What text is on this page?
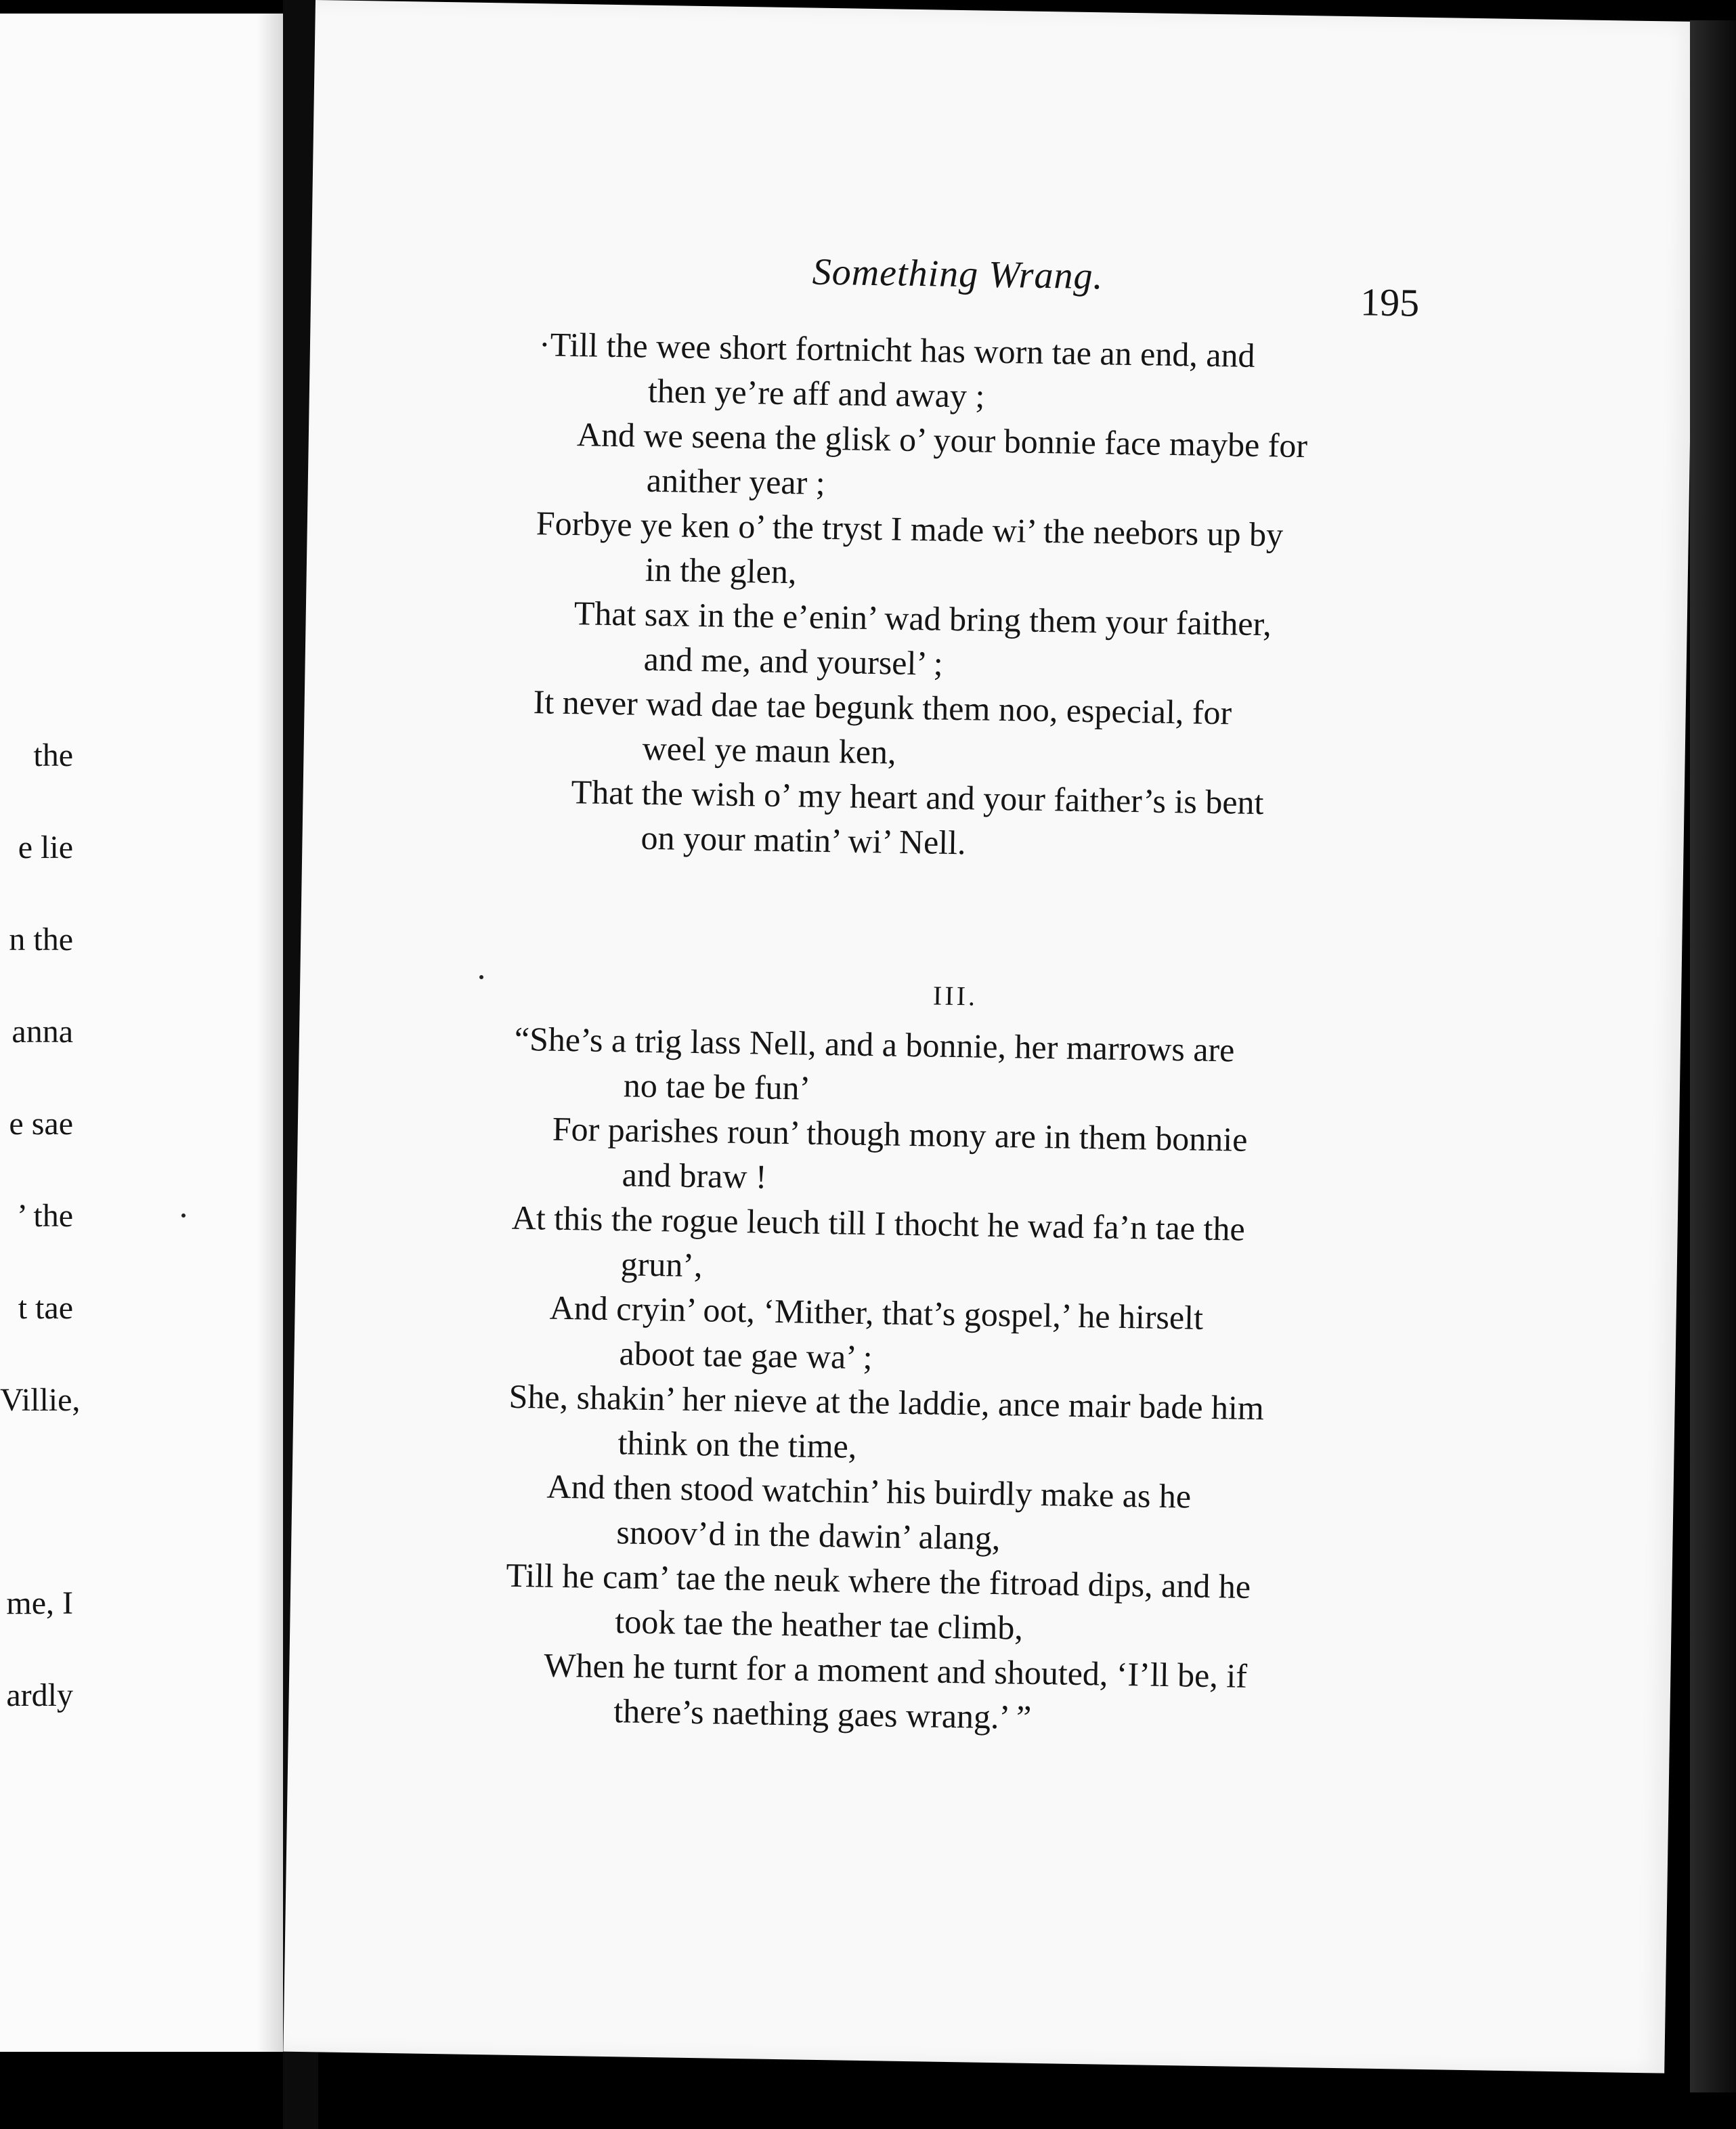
the
e lie
n the
anna
e sae
’ the
t tae
Villie,
me, I
ardly
Something Wrang.
195
·Till the wee short fortnicht has worn tae an end, and
then ye’re aff and away ;
And we seena the glisk o’ your bonnie face maybe for
anither year ;
Forbye ye ken o’ the tryst I made wi’ the neebors up by
in the glen,
That sax in the e’enin’ wad bring them your faither,
and me, and yoursel’ ;
It never wad dae tae begunk them noo, especial, for
weel ye maun ken,
That the wish o’ my heart and your faither’s is bent
on your matin’ wi’ Nell.
III.
“She’s a trig lass Nell, and a bonnie, her marrows are
no tae be fun’
For parishes roun’ though mony are in them bonnie
and braw !
At this the rogue leuch till I thocht he wad fa’n tae the
grun’,
And cryin’ oot, ‘Mither, that’s gospel,’ he hirselt
aboot tae gae wa’ ;
She, shakin’ her nieve at the laddie, ance mair bade him
think on the time,
And then stood watchin’ his buirdly make as he
snoov’d in the dawin’ alang,
Till he cam’ tae the neuk where the fitroad dips, and he
took tae the heather tae climb,
When he turnt for a moment and shouted, ‘I’ll be, if
there’s naething gaes wrang.’ ”
